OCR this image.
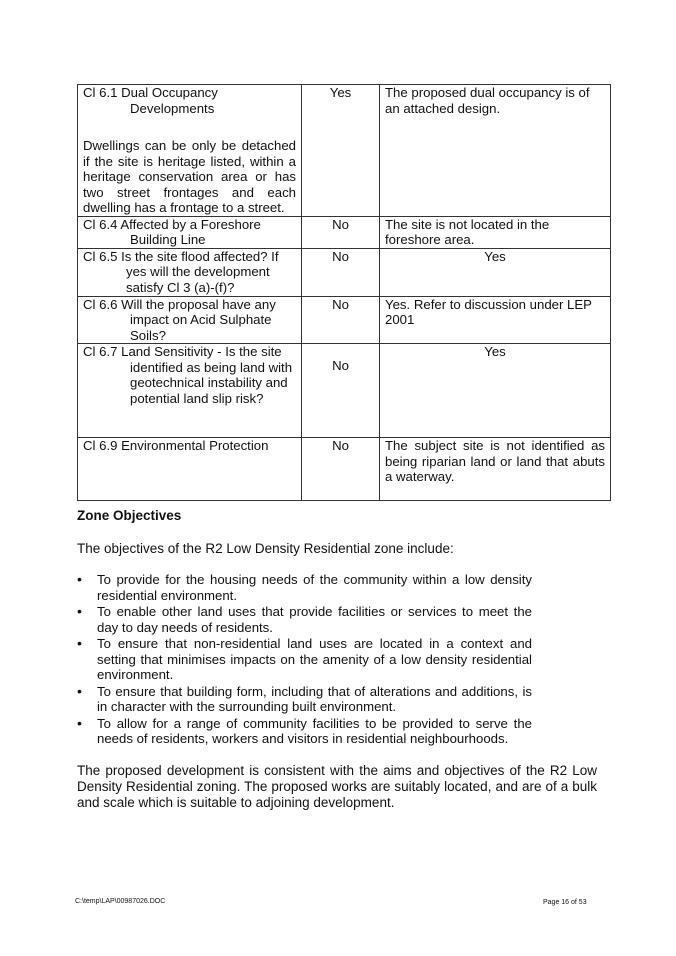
Cl 6.1 Dual Occupancy
Developments
Dwellings can be only be detached if the site is heritage listed, within a heritage conservation area or has two street frontages and each dwelling has a frontage to a street.	Yes	The proposed dual occupancy is of an attached design.
Cl 6.4 Affected by a Foreshore
Building Line	No	The site is not located in the foreshore area.
Cl 6.5 Is the site flood affected? If
yes will the development satisfy Cl 3 (a)-(f)?	No	Yes
Cl 6.6 Will the proposal have any
impact on Acid Sulphate Soils?	No	Yes. Refer to discussion under LEP 2001
Cl 6.7 Land Sensitivity - Is the site
identified as being land with geotechnical instability and potential land slip risk?	No	Yes
Cl 6.9 Environmental Protection	No	The subject site is not identified as being riparian land or land that abuts a waterway.
Zone Objectives
The objectives of the R2 Low Density Residential zone include:
• To provide for the housing needs of the community within a low density residential environment.
• To enable other land uses that provide facilities or services to meet the day to day needs of residents.
• To ensure that non-residential land uses are located in a context and setting that minimises impacts on the amenity of a low density residential environment.
• To ensure that building form, including that of alterations and additions, is in character with the surrounding built environment.
• To allow for a range of community facilities to be provided to serve the needs of residents, workers and visitors in residential neighbourhoods.
The proposed development is consistent with the aims and objectives of the R2 Low Density Residential zoning. The proposed works are suitably located, and are of a bulk and scale which is suitable to adjoining development.
C:\temp\LAP\00987026.DOC	Page 16 of 53
